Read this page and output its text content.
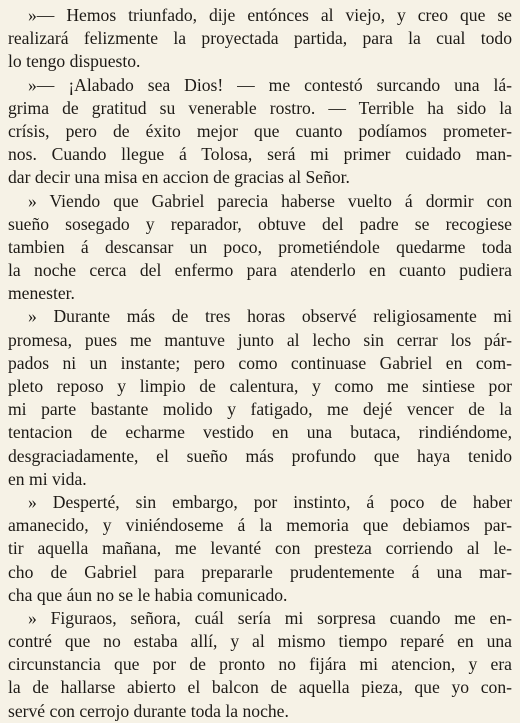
»— Hemos triunfado, dije entónces al viejo, y creo que se
realizará felizmente la proyectada partida, para la cual todo
lo tengo dispuesto.
»— ¡Alabado sea Dios! — me contestó surcando una lá-
grima de gratitud su venerable rostro. — Terrible ha sido la
crísis, pero de éxito mejor que cuanto podíamos prometer-
nos. Cuando llegue á Tolosa, será mi primer cuidado man-
dar decir una misa en accion de gracias al Señor.
» Viendo que Gabriel parecia haberse vuelto á dormir con
sueño sosegado y reparador, obtuve del padre se recogiese
tambien á descansar un poco, prometiéndole quedarme toda
la noche cerca del enfermo para atenderlo en cuanto pudiera
menester.
» Durante más de tres horas observé religiosamente mi
promesa, pues me mantuve junto al lecho sin cerrar los pár-
pados ni un instante; pero como continuase Gabriel en com-
pleto reposo y limpio de calentura, y como me sintiese por
mi parte bastante molido y fatigado, me dejé vencer de la
tentacion de echarme vestido en una butaca, rindiéndome,
desgraciadamente, el sueño más profundo que haya tenido
en mi vida.
» Desperté, sin embargo, por instinto, á poco de haber
amanecido, y viniéndoseme á la memoria que debiamos par-
tir aquella mañana, me levanté con presteza corriendo al le-
cho de Gabriel para prepararle prudentemente á una mar-
cha que áun no se le habia comunicado.
» Figuraos, señora, cuál sería mi sorpresa cuando me en-
contré que no estaba allí, y al mismo tiempo reparé en una
circunstancia que por de pronto no fijára mi atencion, y era
la de hallarse abierto el balcon de aquella pieza, que yo con-
servé con cerrojo durante toda la noche.
